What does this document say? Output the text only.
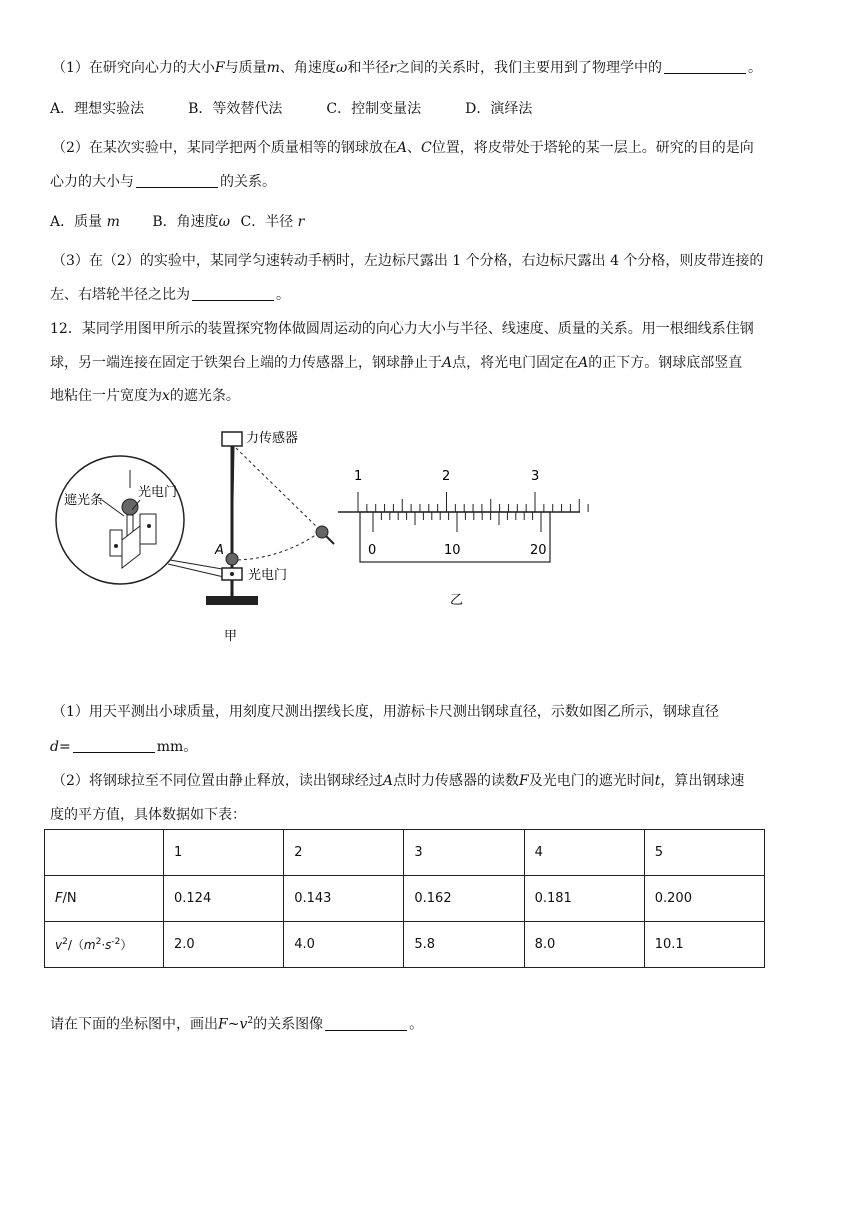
（1）在研究向心力的大小F与质量m、角速度ω和半径r之间的关系时，我们主要用到了物理学中的	。
A．理想实验法	B．等效替代法	C．控制变量法	D．演绎法
（2）在某次实验中，某同学把两个质量相等的钢球放在A、C位置，将皮带处于塔轮的某一层上。研究的目的是向
心力的大小与	的关系。
A．质量 m B．角速度ω C．半径 r
（3）在（2）的实验中，某同学匀速转动手柄时，左边标尺露出 1 个分格，右边标尺露出 4 个分格，则皮带连接的
左、右塔轮半径之比为	。
12．某同学用图甲所示的装置探究物体做圆周运动的向心力大小与半径、线速度、质量的关系。用一根细线系住钢
球，另一端连接在固定于铁架台上端的力传感器上，钢球静止于A点，将光电门固定在A的正下方。钢球底部竖直
地粘住一片宽度为x的遮光条。
遮光条
光电门
力传感器
A
光电门
甲
1	2	3
0	10	20
乙
（1）用天平测出小球质量，用刻度尺测出摆线长度，用游标卡尺测出钢球直径，示数如图乙所示，钢球直径
d=	mm。
（2）将钢球拉至不同位置由静止释放，读出钢球经过A点时力传感器的读数F及光电门的遮光时间t，算出钢球速
度的平方值，具体数据如下表：
	1	2	3	4	5
F/N	0.124	0.143	0.162	0.181	0.200
$v^2/(m^2\cdot s^{-2})$	2.0	4.0	5.8	8.0	10.1
请在下面的坐标图中，画出$F\sim v^2$的关系图像	。
